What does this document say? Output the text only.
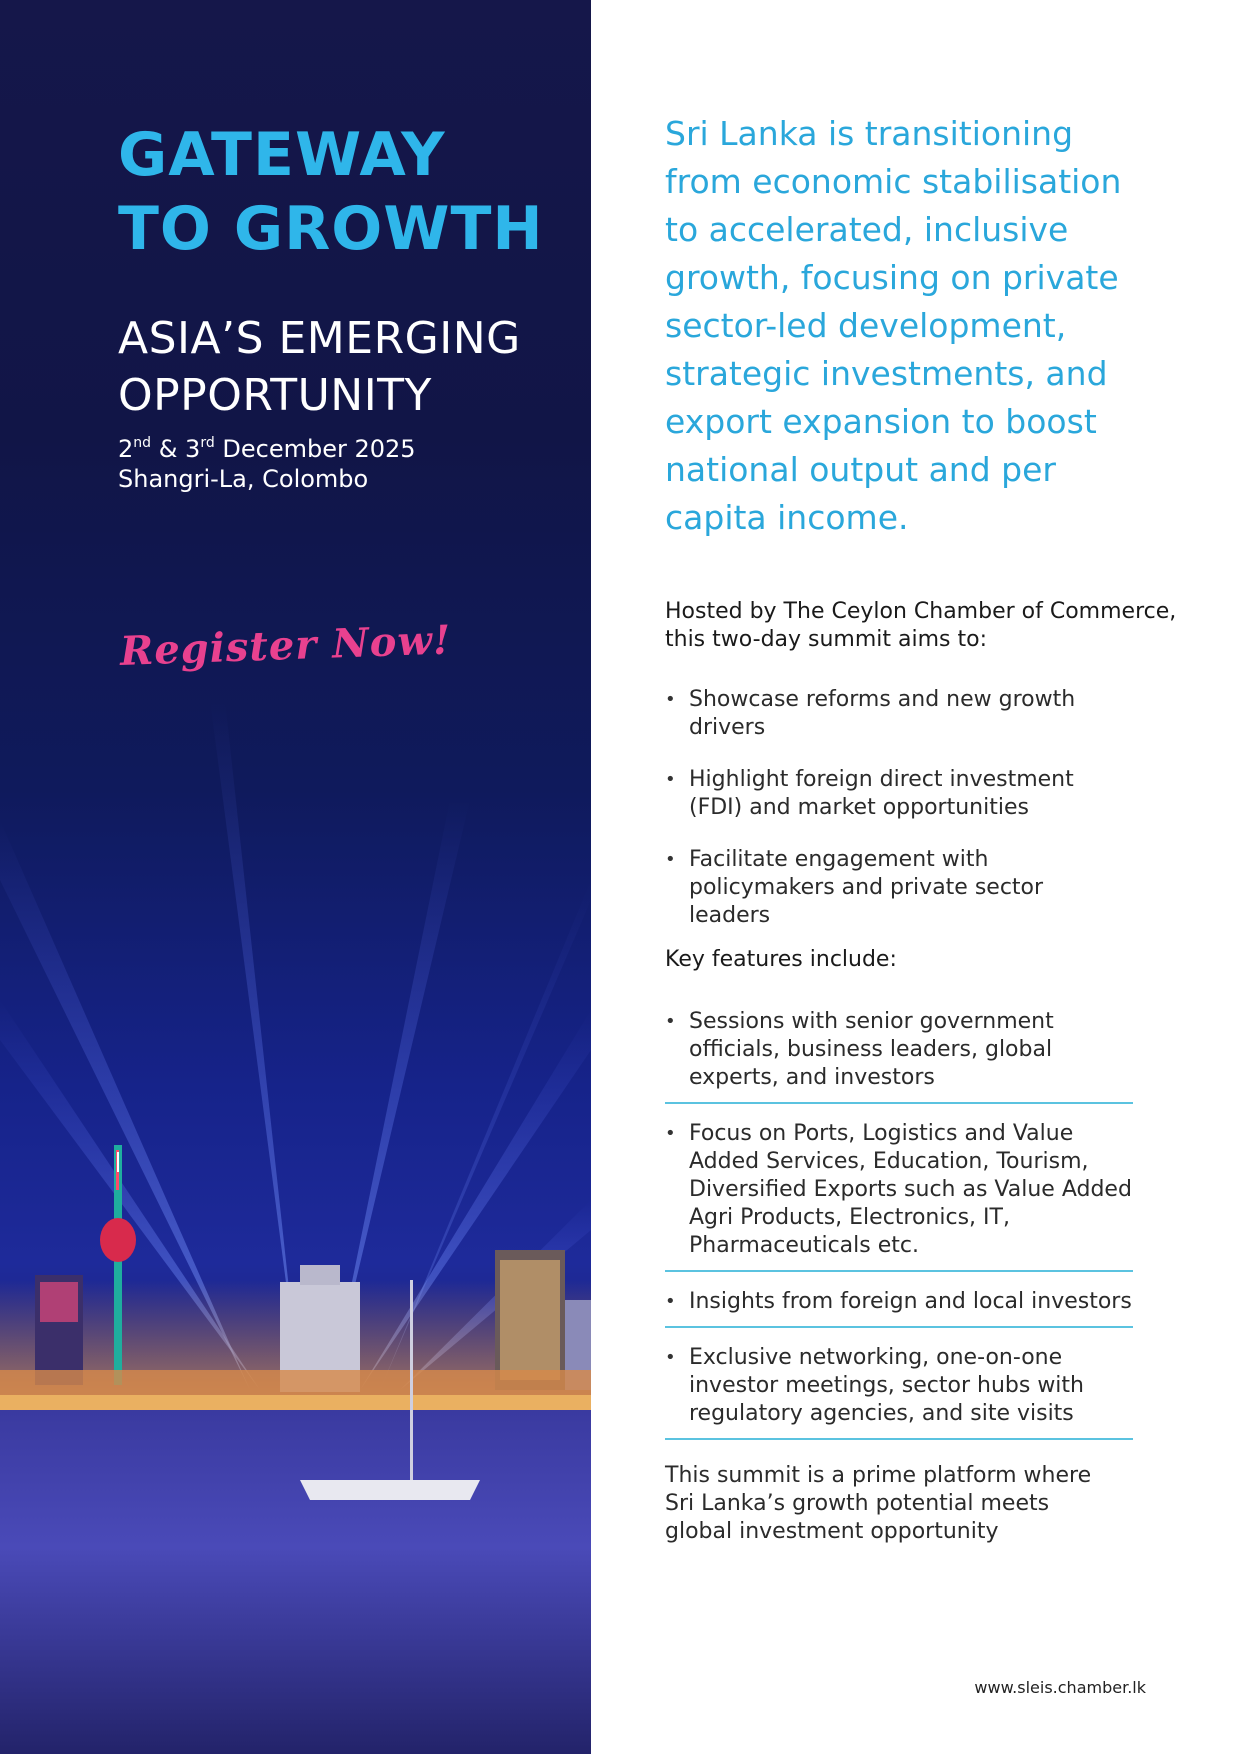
GATEWAY
TO GROWTH
ASIA’S EMERGING
OPPORTUNITY
2nd & 3rd December 2025
Shangri-La, Colombo
Register Now!

Sri Lanka is transitioning from economic stabilisation to accelerated, inclusive growth, focusing on private sector-led development, strategic investments, and export expansion to boost national output and per capita income.

Hosted by The Ceylon Chamber of Commerce, this two-day summit aims to:

• Showcase reforms and new growth drivers
• Highlight foreign direct investment (FDI) and market opportunities
• Facilitate engagement with policymakers and private sector leaders

Key features include:

• Sessions with senior government officials, business leaders, global experts, and investors
• Focus on Ports, Logistics and Value Added Services, Education, Tourism, Diversified Exports such as Value Added Agri Products, Electronics, IT, Pharmaceuticals etc.
• Insights from foreign and local investors
• Exclusive networking, one-on-one investor meetings, sector hubs with regulatory agencies, and site visits

This summit is a prime platform where Sri Lanka’s growth potential meets global investment opportunity

www.sleis.chamber.lk
